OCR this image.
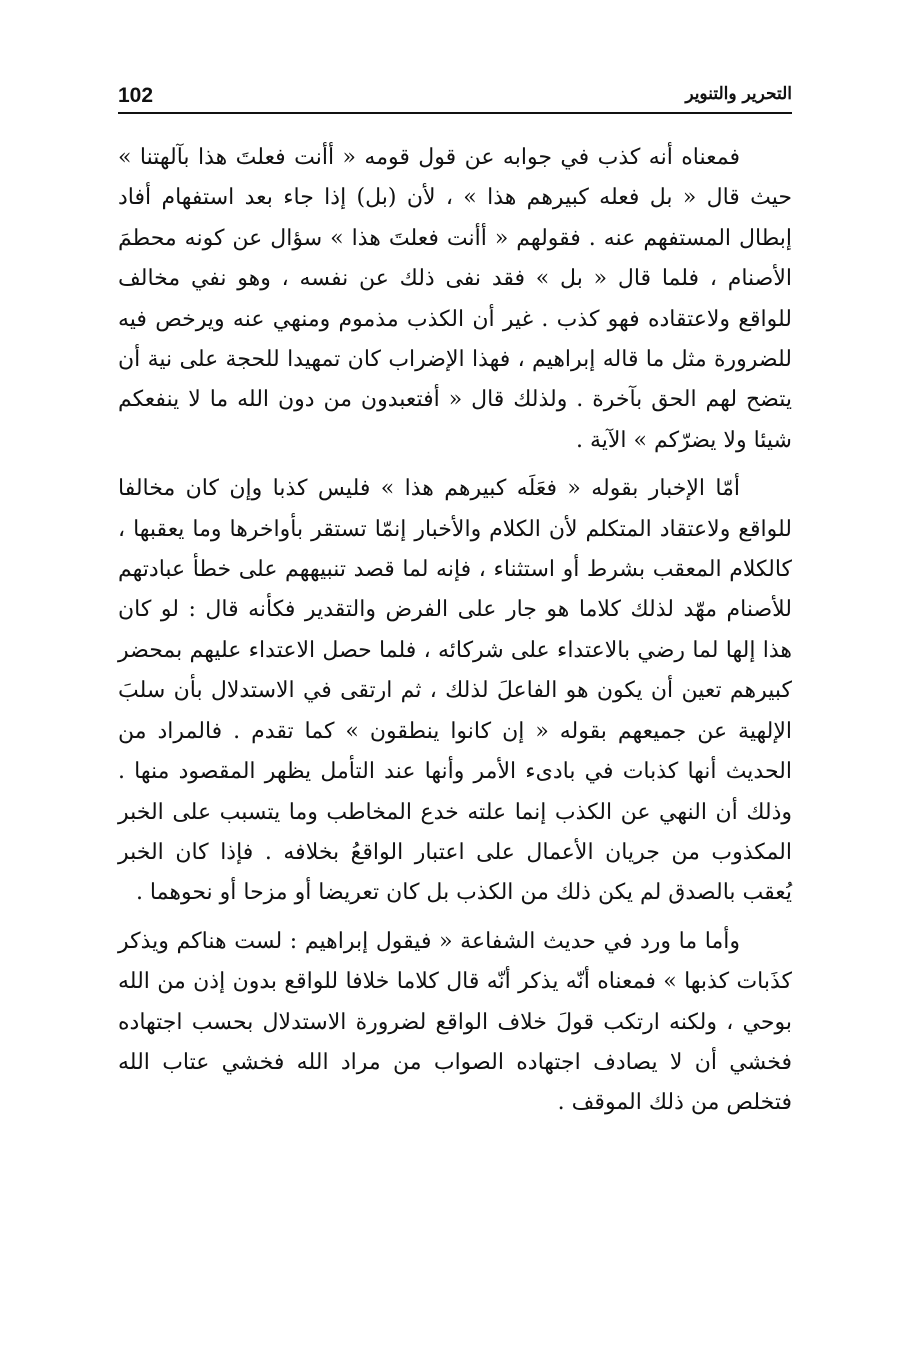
102	التحرير والتنوير

فمعناه أنه كذب في جوابه عن قول قومه « أأنت فعلتَ هذا بآلهتنا » حيث قال « بل فعله كبيرهم هذا » ، لأن (بل) إذا جاء بعد استفهام أفاد إبطال المستفهم عنه . فقولهم « أأنت فعلتَ هذا » سؤال عن كونه محطمَ الأصنام ، فلما قال « بل » فقد نفى ذلك عن نفسه ، وهو نفي مخالف للواقع ولاعتقاده فهو كذب . غير أن الكذب مذموم ومنهي عنه ويرخص فيه للضرورة مثل ما قاله إبراهيم ، فهذا الإضراب كان تمهيدا للحجة على نية أن يتضح لهم الحق بآخرة . ولذلك قال « أفتعبدون من دون الله ما لا ينفعكم شيئا ولا يضرّكم » الآية .

أمّا الإخبار بقوله « فعَلَه كبيرهم هذا » فليس كذبا وإن كان مخالفا للواقع ولاعتقاد المتكلم لأن الكلام والأخبار إنمّا تستقر بأواخرها وما يعقبها ، كالكلام المعقب بشرط أو استثناء ، فإنه لما قصد تنبيههم على خطأ عبادتهم للأصنام مهّد لذلك كلاما هو جار على الفرض والتقدير فكأنه قال : لو كان هذا إلها لما رضي بالاعتداء على شركائه ، فلما حصل الاعتداء عليهم بمحضر كبيرهم تعين أن يكون هو الفاعلَ لذلك ، ثم ارتقى في الاستدلال بأن سلبَ الإلهية عن جميعهم بقوله « إن كانوا ينطقون » كما تقدم . فالمراد من الحديث أنها كذبات في بادىء الأمر وأنها عند التأمل يظهر المقصود منها . وذلك أن النهي عن الكذب إنما علته خدع المخاطب وما يتسبب على الخبر المكذوب من جريان الأعمال على اعتبار الواقعُ بخلافه . فإذا كان الخبر يُعقب بالصدق لم يكن ذلك من الكذب بل كان تعريضا أو مزحا أو نحوهما .

وأما ما ورد في حديث الشفاعة « فيقول إبراهيم : لست هناكم ويذكر كذَبات كذبها » فمعناه أنّه يذكر أنّه قال كلاما خلافا للواقع بدون إذن من الله بوحي ، ولكنه ارتكب قولَ خلاف الواقع لضرورة الاستدلال بحسب اجتهاده فخشي أن لا يصادف اجتهاده الصواب من مراد الله فخشي عتاب الله فتخلص من ذلك الموقف .
